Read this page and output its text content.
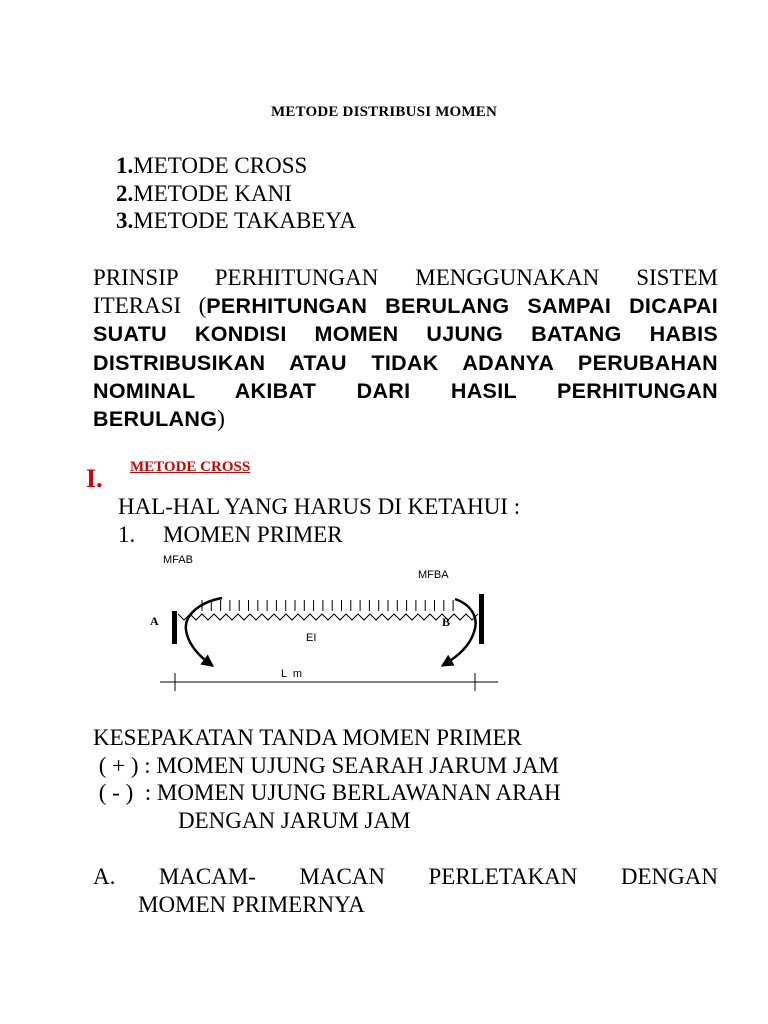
METODE DISTRIBUSI MOMEN
1.METODE CROSS
2.METODE KANI
3.METODE TAKABEYA
PRINSIP PERHITUNGAN MENGGUNAKAN SISTEM ITERASI (PERHITUNGAN BERULANG SAMPAI DICAPAI SUATU KONDISI MOMEN UJUNG BATANG HABIS DISTRIBUSIKAN ATAU TIDAK ADANYA PERUBAHAN NOMINAL AKIBAT DARI HASIL PERHITUNGAN BERULANG)
I. METODE CROSS
HAL-HAL YANG HARUS DI KETAHUI :
1. MOMEN PRIMER
MFAB
MFBA
A	B
EI
L  m
KESEPAKATAN TANDA MOMEN PRIMER
( + ) : MOMEN UJUNG SEARAH JARUM JAM
( - )  : MOMEN UJUNG BERLAWANAN ARAH
DENGAN JARUM JAM
A. MACAM- MACAN PERLETAKAN DENGAN
MOMEN PRIMERNYA
